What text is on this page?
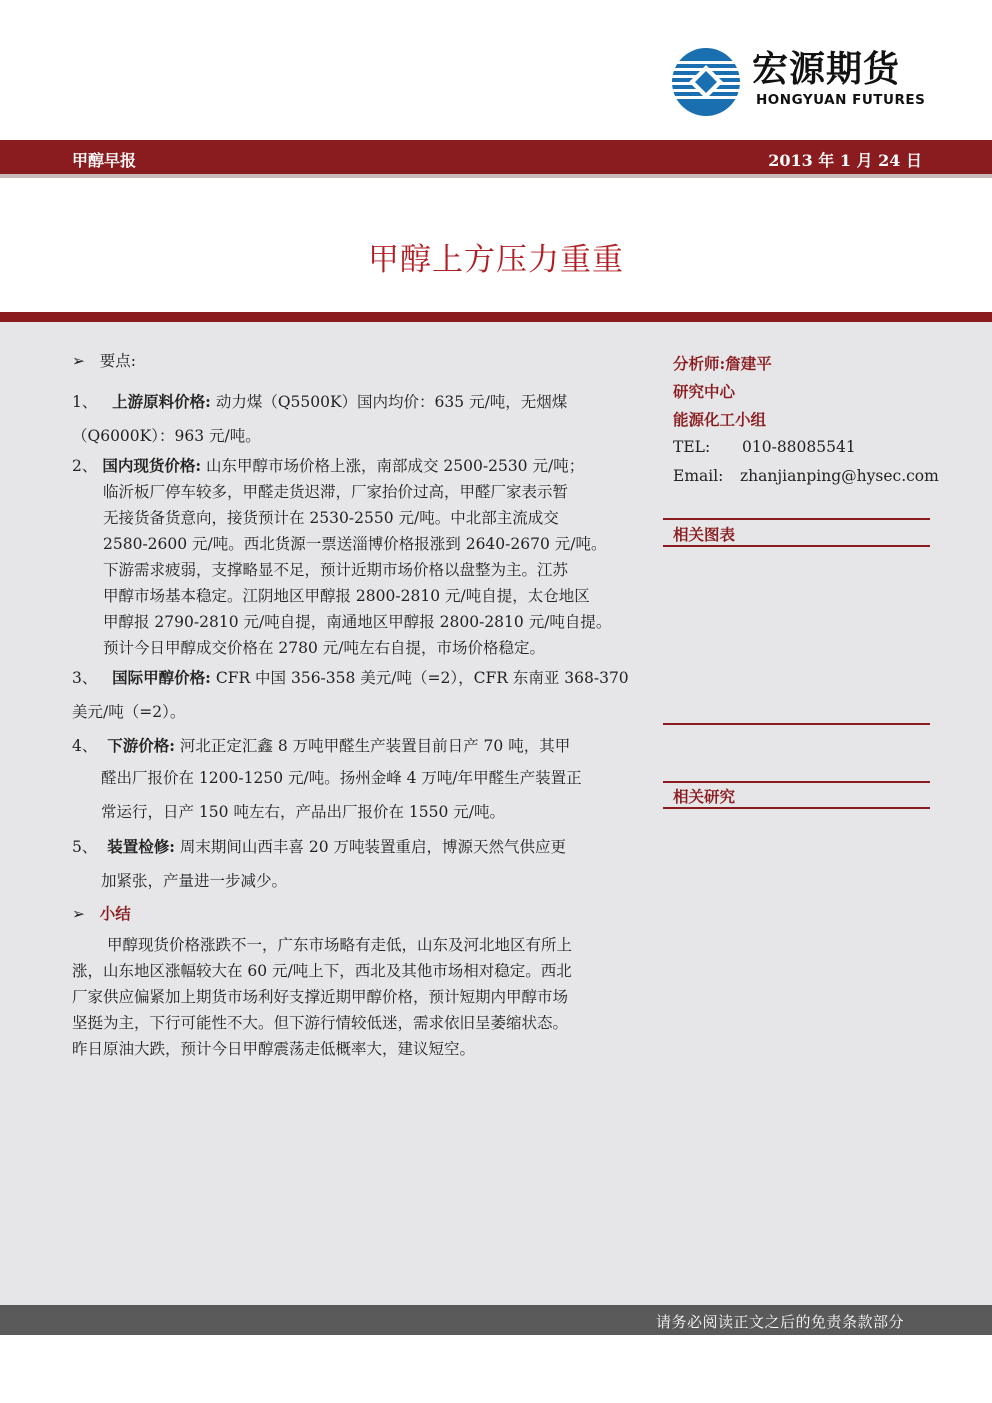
宏源期货
HONGYUAN FUTURES
甲醇早报	2013 年 1 月 24 日
甲醇上方压力重重
➢ 要点:
1、 上游原料价格: 动力煤（Q5500K）国内均价：635 元/吨，无烟煤
（Q6000K）：963 元/吨。
2、 国内现货价格: 山东甲醇市场价格上涨，南部成交 2500-2530 元/吨；
临沂板厂停车较多，甲醛走货迟滞，厂家抬价过高，甲醛厂家表示暂
无接货备货意向，接货预计在 2530-2550 元/吨。中北部主流成交
2580-2600 元/吨。西北货源一票送淄博价格报涨到 2640-2670 元/吨。
下游需求疲弱，支撑略显不足，预计近期市场价格以盘整为主。江苏
甲醇市场基本稳定。江阴地区甲醇报 2800-2810 元/吨自提，太仓地区
甲醇报 2790-2810 元/吨自提，南通地区甲醇报 2800-2810 元/吨自提。
预计今日甲醇成交价格在 2780 元/吨左右自提，市场价格稳定。
3、 国际甲醇价格: CFR 中国 356-358 美元/吨（=2），CFR 东南亚 368-370
美元/吨（=2）。
4、 下游价格: 河北正定汇鑫 8 万吨甲醛生产装置目前日产 70 吨，其甲
醛出厂报价在 1200-1250 元/吨。扬州金峰 4 万吨/年甲醛生产装置正
常运行，日产 150 吨左右，产品出厂报价在 1550 元/吨。
5、 装置检修: 周末期间山西丰喜 20 万吨装置重启，博源天然气供应更
加紧张，产量进一步减少。
➢ 小结
甲醇现货价格涨跌不一，广东市场略有走低，山东及河北地区有所上
涨，山东地区涨幅较大在 60 元/吨上下，西北及其他市场相对稳定。西北
厂家供应偏紧加上期货市场利好支撑近期甲醇价格，预计短期内甲醇市场
坚挺为主，下行可能性不大。但下游行情较低迷，需求依旧呈萎缩状态。
昨日原油大跌，预计今日甲醇震荡走低概率大，建议短空。
分析师:詹建平
研究中心
能源化工小组
TEL: 010-88085541
Email: zhanjianping@hysec.com
相关图表
相关研究
请务必阅读正文之后的免责条款部分
